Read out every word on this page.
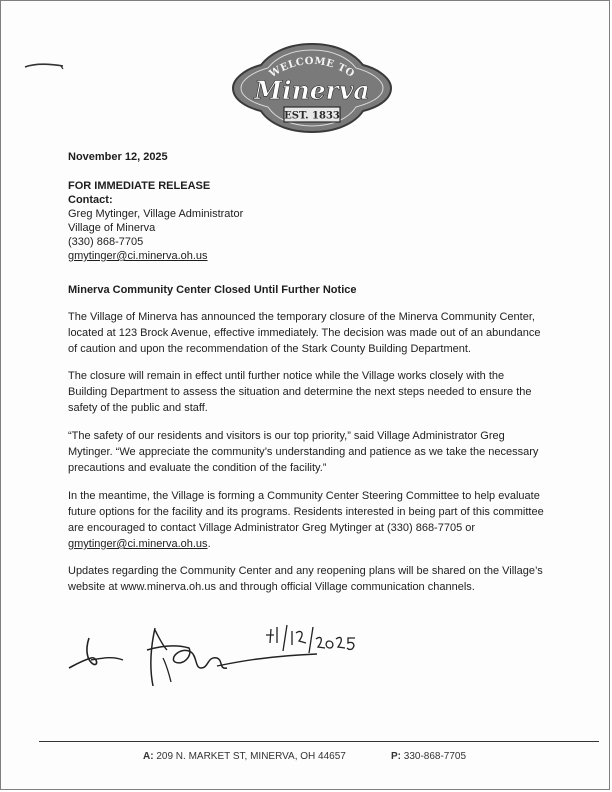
WELCOME TO
Minerva
EST. 1833
November 12, 2025
FOR IMMEDIATE RELEASE
Contact:
Greg Mytinger, Village Administrator
Village of Minerva
(330) 868-7705
gmytinger@ci.minerva.oh.us
Minerva Community Center Closed Until Further Notice

The Village of Minerva has announced the temporary closure of the Minerva Community Center, located at 123 Brock Avenue, effective immediately. The decision was made out of an abundance of caution and upon the recommendation of the Stark County Building Department.

The closure will remain in effect until further notice while the Village works closely with the Building Department to assess the situation and determine the next steps needed to ensure the safety of the public and staff.

“The safety of our residents and visitors is our top priority,” said Village Administrator Greg Mytinger. “We appreciate the community’s understanding and patience as we take the necessary precautions and evaluate the condition of the facility.”

In the meantime, the Village is forming a Community Center Steering Committee to help evaluate future options for the facility and its programs. Residents interested in being part of this committee are encouraged to contact Village Administrator Greg Mytinger at (330) 868-7705 or gmytinger@ci.minerva.oh.us.

Updates regarding the Community Center and any reopening plans will be shared on the Village’s website at www.minerva.oh.us and through official Village communication channels.

A: 209 N. MARKET ST, MINERVA, OH 44657	P: 330-868-7705
